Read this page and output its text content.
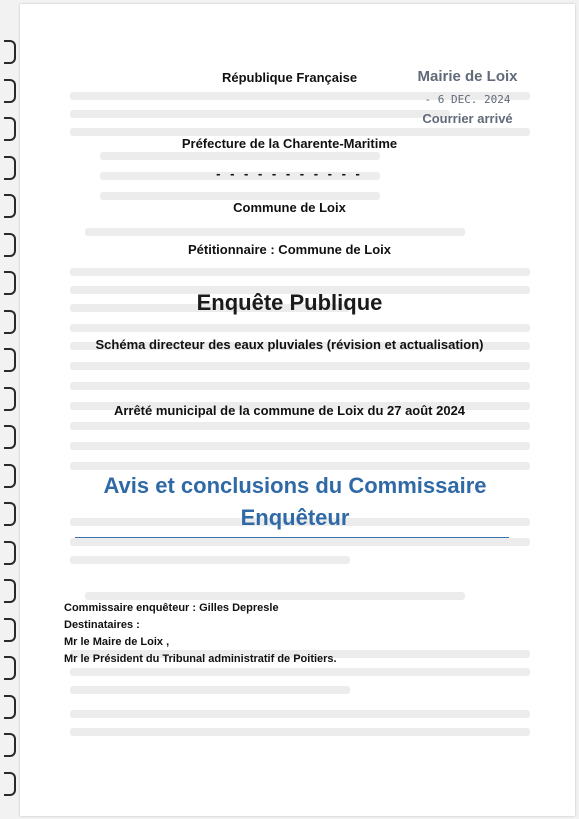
République Française
Préfecture de la Charente-Maritime
- - - - - - - - - - -
Commune de Loix
Pétitionnaire : Commune de Loix
Mairie de Loix
- 6 DEC. 2024
Courrier arrivé
Enquête Publique
Schéma directeur des eaux pluviales (révision et actualisation)
Arrêté municipal de la commune de Loix du 27 août 2024
Avis et conclusions du Commissaire
Enquêteur
Commissaire enquêteur : Gilles Depresle
Destinataires :
Mr le Maire de Loix ,
Mr le Président du Tribunal administratif de Poitiers.
